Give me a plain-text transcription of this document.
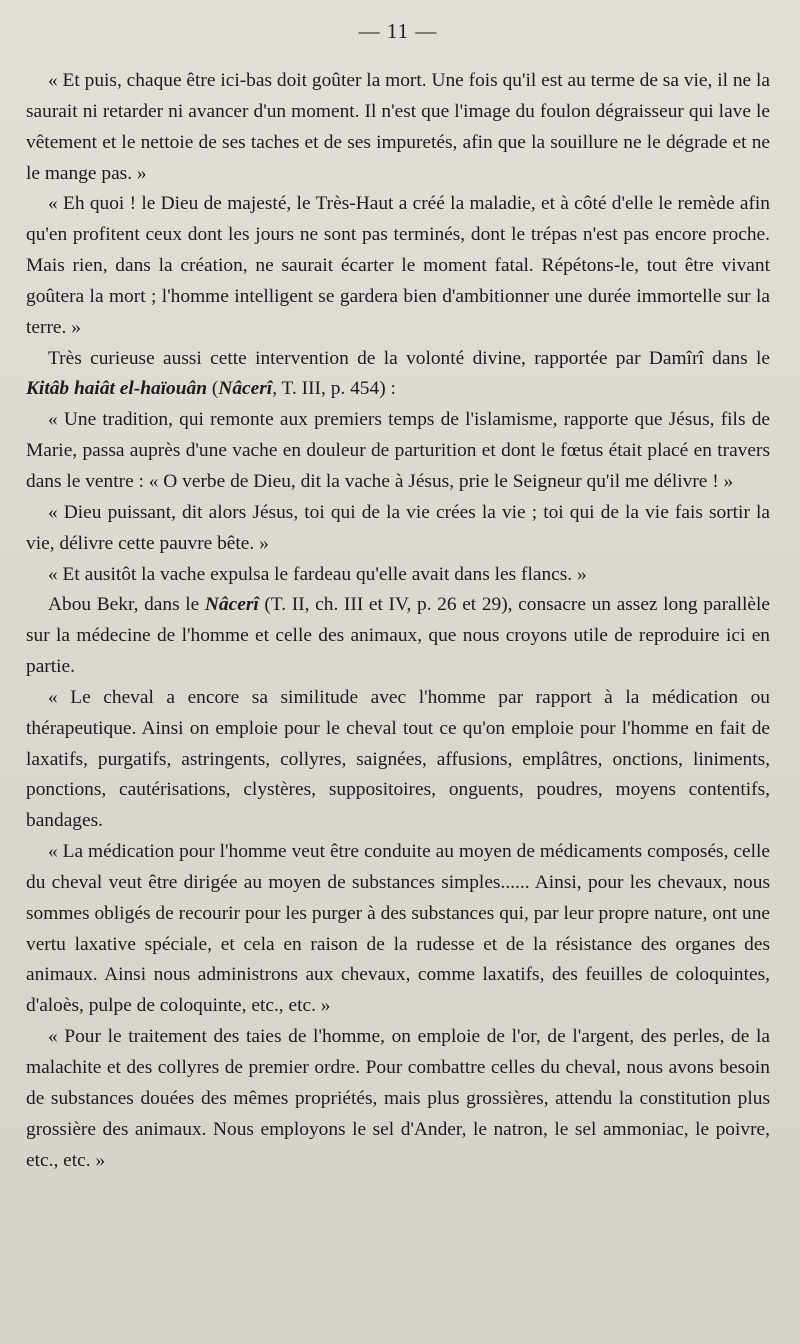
— 11 —

« Et puis, chaque être ici-bas doit goûter la mort. Une fois qu'il est au terme de sa vie, il ne la saurait ni retarder ni avancer d'un moment. Il n'est que l'image du foulon dégraisseur qui lave le vêtement et le nettoie de ses taches et de ses impuretés, afin que la souillure ne le dégrade et ne le mange pas. »

« Eh quoi ! le Dieu de majesté, le Très-Haut a créé la maladie, et à côté d'elle le remède afin qu'en profitent ceux dont les jours ne sont pas terminés, dont le trépas n'est pas encore proche. Mais rien, dans la création, ne saurait écarter le moment fatal. Répétons-le, tout être vivant goûtera la mort ; l'homme intelligent se gardera bien d'ambitionner une durée immortelle sur la terre. »

Très curieuse aussi cette intervention de la volonté divine, rapportée par Damîrî dans le Kitâb haiât el-haïouân (Nâcerî, T. III, p. 454) :

« Une tradition, qui remonte aux premiers temps de l'islamisme, rapporte que Jésus, fils de Marie, passa auprès d'une vache en douleur de parturition et dont le fœtus était placé en travers dans le ventre : « O verbe de Dieu, dit la vache à Jésus, prie le Seigneur qu'il me délivre ! »

« Dieu puissant, dit alors Jésus, toi qui de la vie crées la vie ; toi qui de la vie fais sortir la vie, délivre cette pauvre bête. »

« Et ausitôt la vache expulsa le fardeau qu'elle avait dans les flancs. »

Abou Bekr, dans le Nâcerî (T. II, ch. III et IV, p. 26 et 29), consacre un assez long parallèle sur la médecine de l'homme et celle des animaux, que nous croyons utile de reproduire ici en partie.

« Le cheval a encore sa similitude avec l'homme par rapport à la médication ou thérapeutique. Ainsi on emploie pour le cheval tout ce qu'on emploie pour l'homme en fait de laxatifs, purgatifs, astringents, collyres, saignées, affusions, emplâtres, onctions, liniments, ponctions, cautérisations, clystères, suppositoires, onguents, poudres, moyens contentifs, bandages.

« La médication pour l'homme veut être conduite au moyen de médicaments composés, celle du cheval veut être dirigée au moyen de substances simples...... Ainsi, pour les chevaux, nous sommes obligés de recourir pour les purger à des substances qui, par leur propre nature, ont une vertu laxative spéciale, et cela en raison de la rudesse et de la résistance des organes des animaux. Ainsi nous administrons aux chevaux, comme laxatifs, des feuilles de coloquintes, d'aloès, pulpe de coloquinte, etc., etc. »

« Pour le traitement des taies de l'homme, on emploie de l'or, de l'argent, des perles, de la malachite et des collyres de premier ordre. Pour combattre celles du cheval, nous avons besoin de substances douées des mêmes propriétés, mais plus grossières, attendu la constitution plus grossière des animaux. Nous employons le sel d'Ander, le natron, le sel ammoniac, le poivre, etc., etc. »
